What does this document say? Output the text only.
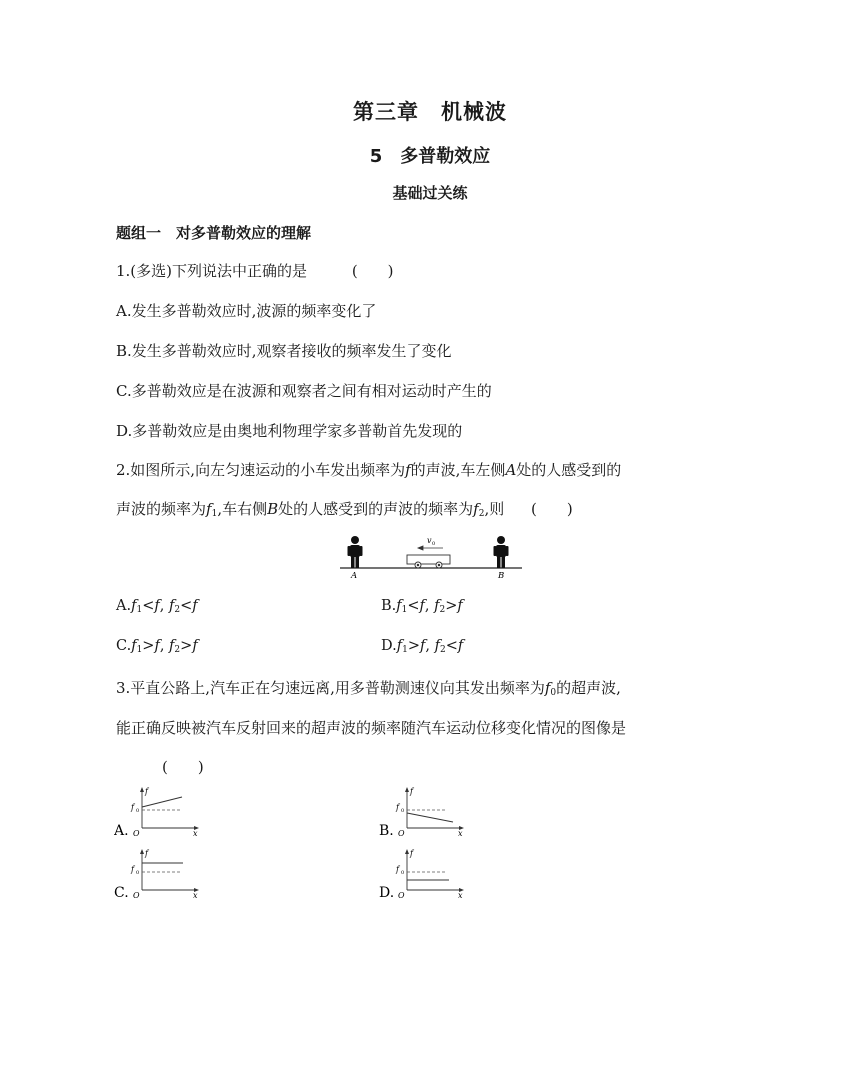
第三章　机械波
5　多普勒效应
基础过关练
题组一　对多普勒效应的理解
1.(多选)下列说法中正确的是	(　　)
A.发生多普勒效应时,波源的频率变化了
B.发生多普勒效应时,观察者接收的频率发生了变化
C.多普勒效应是在波源和观察者之间有相对运动时产生的
D.多普勒效应是由奥地利物理学家多普勒首先发现的
2.如图所示,向左匀速运动的小车发出频率为f的声波,车左侧A处的人感受到的
声波的频率为$f_1$,车右侧B处的人感受到的声波的频率为$f_2$,则 (　　)
v 0
A	B
$A.f_1<f$, $f_2<f$	$B.f_1<f$, $f_2>f$
$C.f_1>f$, $f_2>f$	$D.f_1>f$, $f_2<f$
3.平直公路上,汽车正在匀速远离,用多普勒测速仪向其发出频率为$f_0$的超声波,
能正确反映被汽车反射回来的超声波的频率随汽车运动位移变化情况的图像是
(　　)
A.
f
f 0
O	x	B.
f
f 0
O	x
C.
f
f 0
O	x	D.
f
f 0
O	x
